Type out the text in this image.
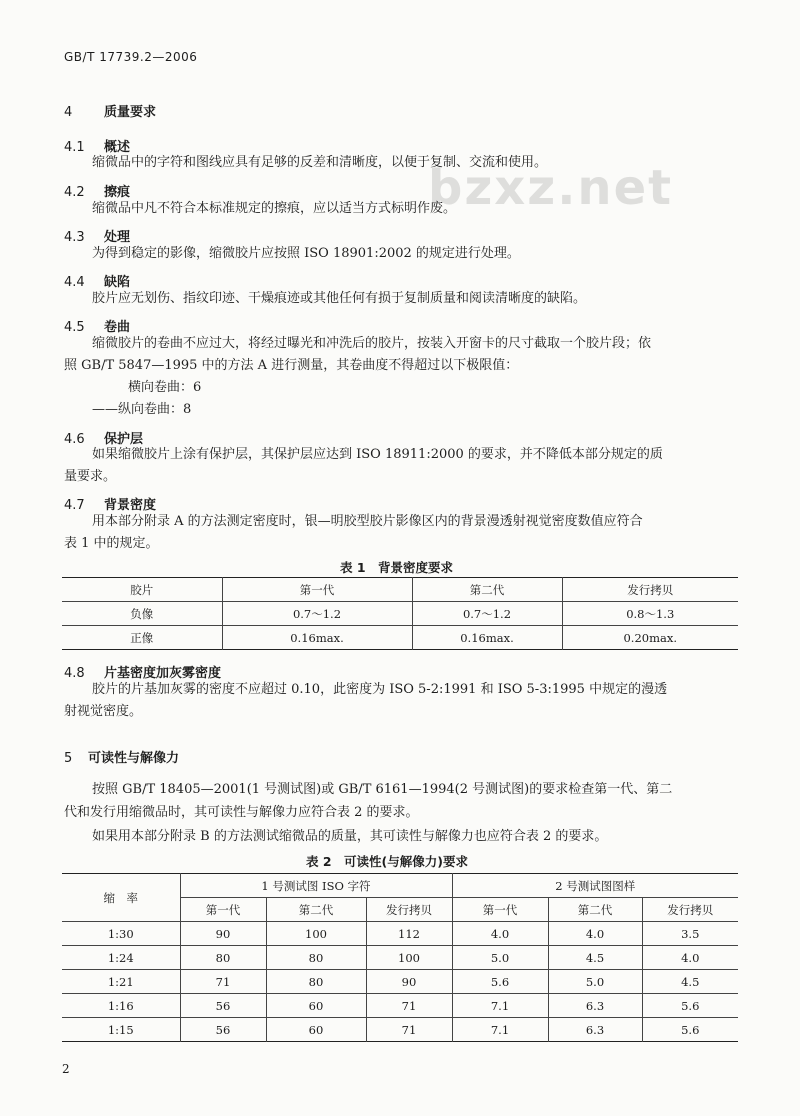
GB/T 17739.2—2006
bzxz.net
4 质量要求
4.1 概述
缩微品中的字符和图线应具有足够的反差和清晰度，以便于复制、交流和使用。
4.2 擦痕
缩微品中凡不符合本标准规定的擦痕，应以适当方式标明作废。
4.3 处理
为得到稳定的影像，缩微胶片应按照 ISO 18901:2002 的规定进行处理。
4.4 缺陷
胶片应无划伤、指纹印迹、干燥痕迹或其他任何有损于复制质量和阅读清晰度的缺陷。
4.5 卷曲
缩微胶片的卷曲不应过大，将经过曝光和冲洗后的胶片，按装入开窗卡的尺寸截取一个胶片段；依
照 GB/T 5847—1995 中的方法 A 进行测量，其卷曲度不得超过以下极限值：
横向卷曲：6
——纵向卷曲：8
4.6 保护层
如果缩微胶片上涂有保护层，其保护层应达到 ISO 18911:2000 的要求，并不降低本部分规定的质
量要求。
4.7 背景密度
用本部分附录 A 的方法测定密度时，银—明胶型胶片影像区内的背景漫透射视觉密度数值应符合
表 1 中的规定。
表 1　背景密度要求
胶片	第一代	第二代	发行拷贝
负像	0.7～1.2	0.7～1.2	0.8～1.3
正像	0.16max.	0.16max.	0.20max.
4.8 片基密度加灰雾密度
胶片的片基加灰雾的密度不应超过 0.10，此密度为 ISO 5-2:1991 和 ISO 5-3:1995 中规定的漫透
射视觉密度。
5 可读性与解像力
按照 GB/T 18405—2001(1 号测试图)或 GB/T 6161—1994(2 号测试图)的要求检查第一代、第二
代和发行用缩微品时，其可读性与解像力应符合表 2 的要求。
如果用本部分附录 B 的方法测试缩微品的质量，其可读性与解像力也应符合表 2 的要求。
表 2　可读性(与解像力)要求
缩　率	1 号测试图 ISO 字符			2 号测试图图样		
	第一代	第二代	发行拷贝	第一代	第二代	发行拷贝
1:30	90	100	112	4.0	4.0	3.5
1:24	80	80	100	5.0	4.5	4.0
1:21	71	80	90	5.6	5.0	4.5
1:16	56	60	71	7.1	6.3	5.6
1:15	56	60	71	7.1	6.3	5.6
2
